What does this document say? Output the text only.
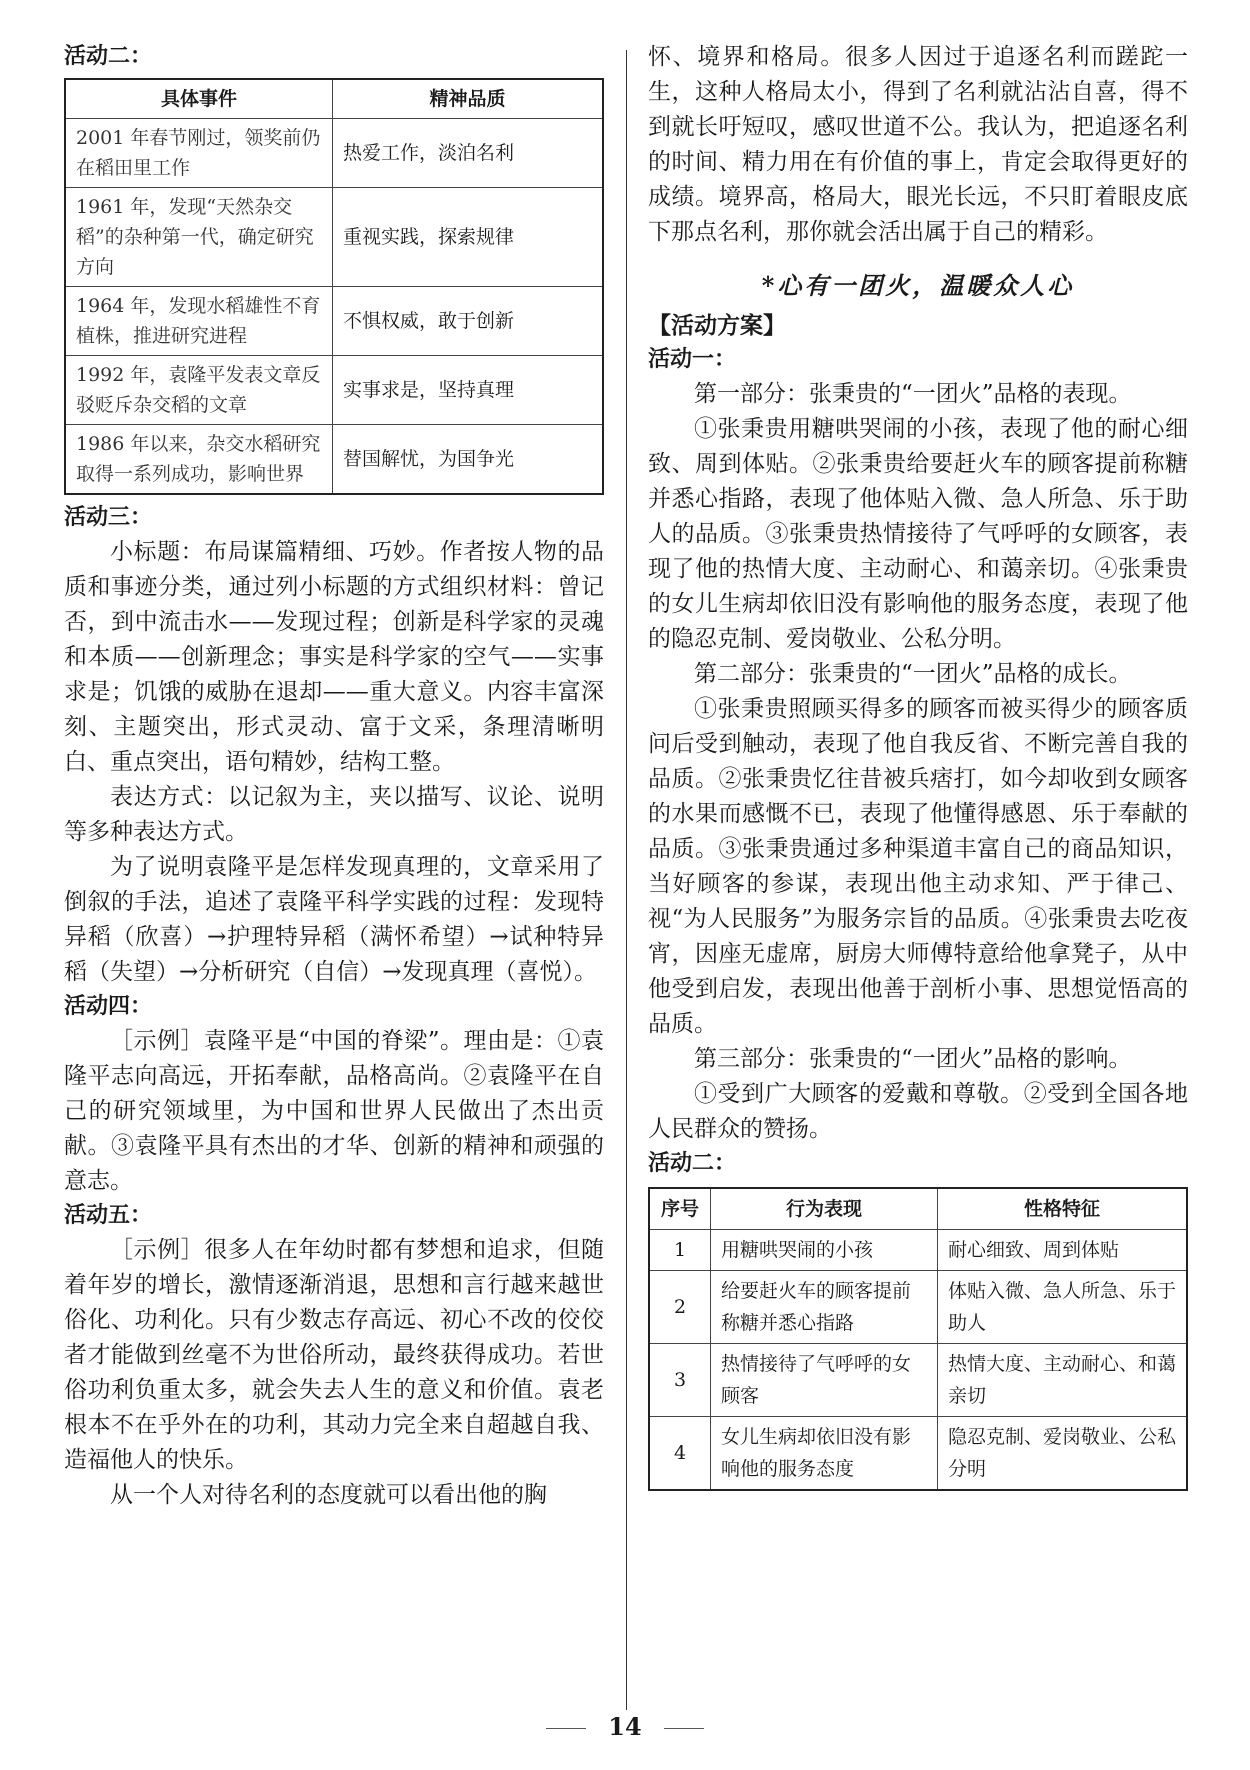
活动二：

具体事件	精神品质
2001 年春节刚过，领奖前仍在稻田里工作	热爱工作，淡泊名利
1961 年，发现“天然杂交稻”的杂种第一代，确定研究方向	重视实践，探索规律
1964 年，发现水稻雄性不育植株，推进研究进程	不惧权威，敢于创新
1992 年，袁隆平发表文章反驳贬斥杂交稻的文章	实事求是，坚持真理
1986 年以来，杂交水稻研究取得一系列成功，影响世界	替国解忧，为国争光

活动三：

小标题：布局谋篇精细、巧妙。作者按人物的品质和事迹分类，通过列小标题的方式组织材料：曾记否，到中流击水——发现过程；创新是科学家的灵魂和本质——创新理念；事实是科学家的空气——实事求是；饥饿的威胁在退却——重大意义。内容丰富深刻、主题突出，形式灵动、富于文采，条理清晰明白、重点突出，语句精妙，结构工整。

表达方式：以记叙为主，夹以描写、议论、说明等多种表达方式。

为了说明袁隆平是怎样发现真理的，文章采用了倒叙的手法，追述了袁隆平科学实践的过程：发现特异稻（欣喜）→护理特异稻（满怀希望）→试种特异稻（失望）→分析研究（自信）→发现真理（喜悦）。

活动四：

［示例］袁隆平是“中国的脊梁”。理由是：①袁隆平志向高远，开拓奉献，品格高尚。②袁隆平在自己的研究领域里，为中国和世界人民做出了杰出贡献。③袁隆平具有杰出的才华、创新的精神和顽强的意志。

活动五：

［示例］很多人在年幼时都有梦想和追求，但随着年岁的增长，激情逐渐消退，思想和言行越来越世俗化、功利化。只有少数志存高远、初心不改的佼佼者才能做到丝毫不为世俗所动，最终获得成功。若世俗功利负重太多，就会失去人生的意义和价值。袁老根本不在乎外在的功利，其动力完全来自超越自我、造福他人的快乐。

从一个人对待名利的态度就可以看出他的胸

怀、境界和格局。很多人因过于追逐名利而蹉跎一生，这种人格局太小，得到了名利就沾沾自喜，得不到就长吁短叹，感叹世道不公。我认为，把追逐名利的时间、精力用在有价值的事上，肯定会取得更好的成绩。境界高，格局大，眼光长远，不只盯着眼皮底下那点名利，那你就会活出属于自己的精彩。

*心有一团火，温暖众人心

【活动方案】

活动一：

第一部分：张秉贵的“一团火”品格的表现。

①张秉贵用糖哄哭闹的小孩，表现了他的耐心细致、周到体贴。②张秉贵给要赶火车的顾客提前称糖并悉心指路，表现了他体贴入微、急人所急、乐于助人的品质。③张秉贵热情接待了气呼呼的女顾客，表现了他的热情大度、主动耐心、和蔼亲切。④张秉贵的女儿生病却依旧没有影响他的服务态度，表现了他的隐忍克制、爱岗敬业、公私分明。

第二部分：张秉贵的“一团火”品格的成长。

①张秉贵照顾买得多的顾客而被买得少的顾客质问后受到触动，表现了他自我反省、不断完善自我的品质。②张秉贵忆往昔被兵痞打，如今却收到女顾客的水果而感慨不已，表现了他懂得感恩、乐于奉献的品质。③张秉贵通过多种渠道丰富自己的商品知识，当好顾客的参谋，表现出他主动求知、严于律己、视“为人民服务”为服务宗旨的品质。④张秉贵去吃夜宵，因座无虚席，厨房大师傅特意给他拿凳子，从中他受到启发，表现出他善于剖析小事、思想觉悟高的品质。

第三部分：张秉贵的“一团火”品格的影响。

①受到广大顾客的爱戴和尊敬。②受到全国各地人民群众的赞扬。

活动二：

序号	行为表现	性格特征
1	用糖哄哭闹的小孩	耐心细致、周到体贴
2	给要赶火车的顾客提前称糖并悉心指路	体贴入微、急人所急、乐于助人
3	热情接待了气呼呼的女顾客	热情大度、主动耐心、和蔼亲切
4	女儿生病却依旧没有影响他的服务态度	隐忍克制、爱岗敬业、公私分明
14
